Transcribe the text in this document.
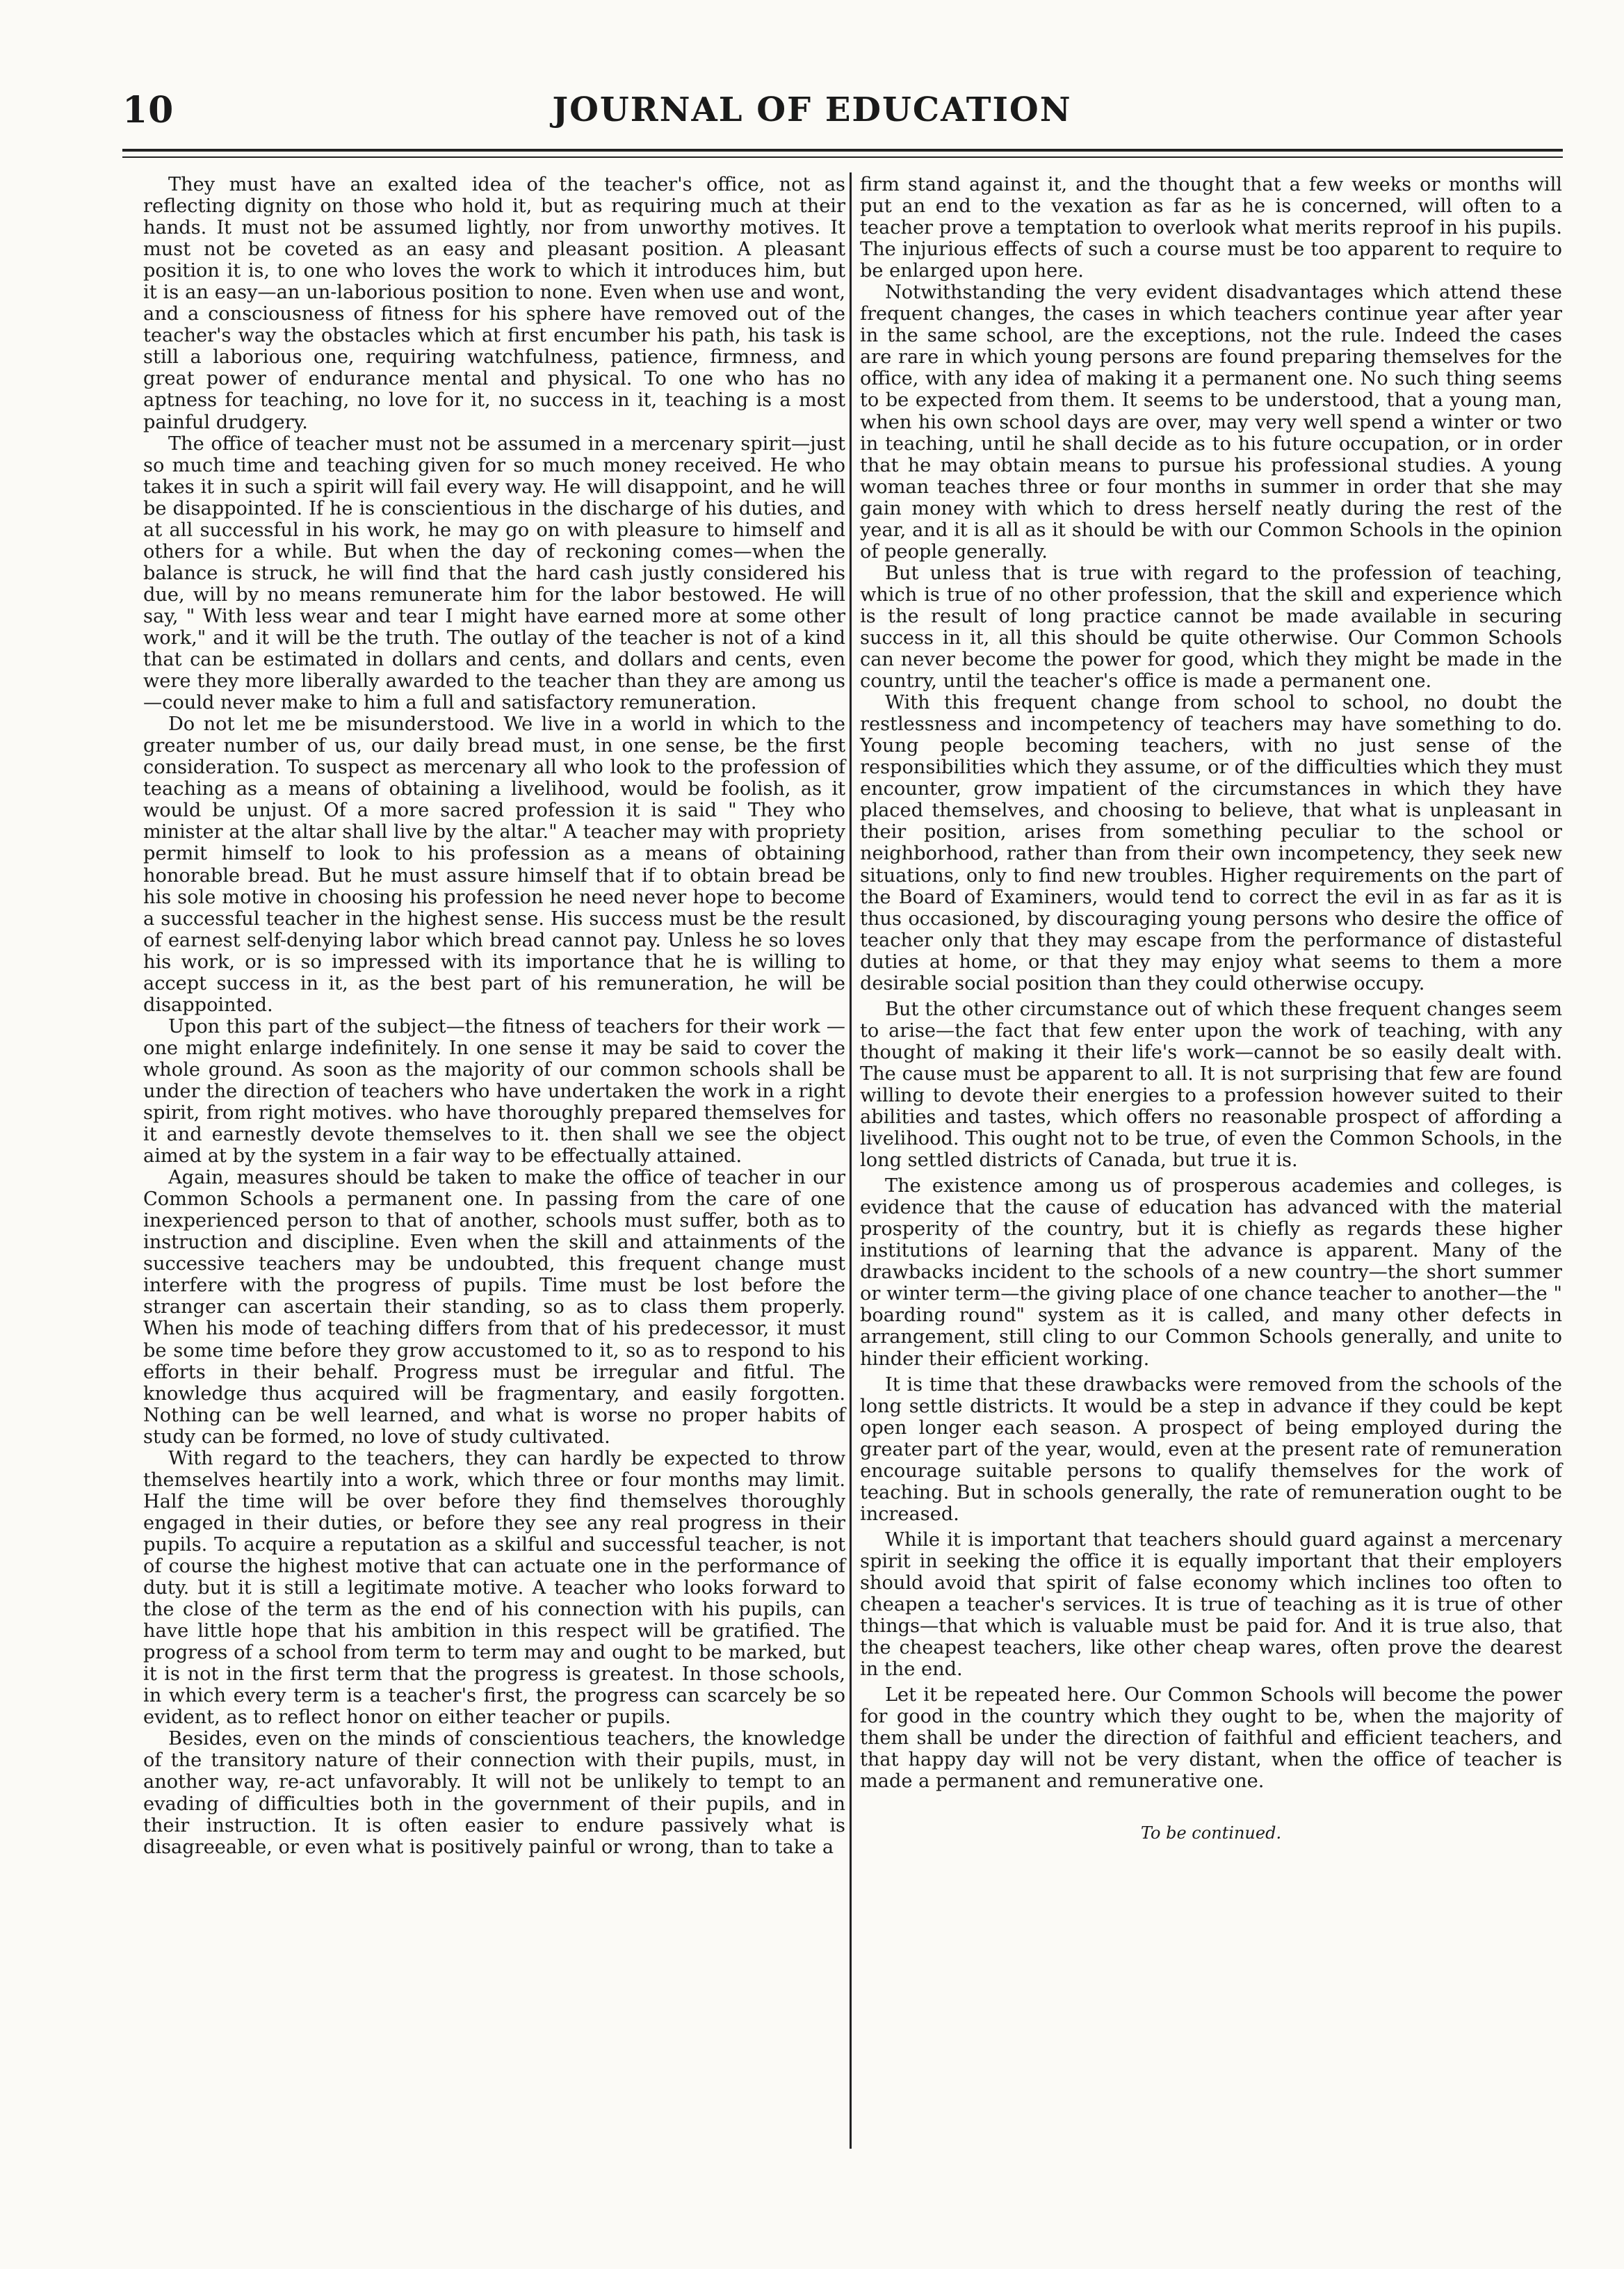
10	JOURNAL OF EDUCATION

They must have an exalted idea of the teacher's office, not as reflecting dignity on those who hold it, but as requiring much at their hands. It must not be assumed lightly, nor from unworthy motives. It must not be coveted as an easy and pleasant position. A pleasant position it is, to one who loves the work to which it introduces him, but it is an easy—an un-laborious position to none. Even when use and wont, and a consciousness of fitness for his sphere have removed out of the teacher's way the obstacles which at first encumber his path, his task is still a laborious one, requiring watchfulness, patience, firmness, and great power of endurance mental and physical. To one who has no aptness for teaching, no love for it, no success in it, teaching is a most painful drudgery.

The office of teacher must not be assumed in a mercenary spirit—just so much time and teaching given for so much money received. He who takes it in such a spirit will fail every way. He will disappoint, and he will be disappointed. If he is conscientious in the discharge of his duties, and at all successful in his work, he may go on with pleasure to himself and others for a while. But when the day of reckoning comes—when the balance is struck, he will find that the hard cash justly considered his due, will by no means remunerate him for the labor bestowed. He will say, " With less wear and tear I might have earned more at some other work," and it will be the truth. The outlay of the teacher is not of a kind that can be estimated in dollars and cents, and dollars and cents, even were they more liberally awarded to the teacher than they are among us—could never make to him a full and satisfactory remuneration.

Do not let me be misunderstood. We live in a world in which to the greater number of us, our daily bread must, in one sense, be the first consideration. To suspect as mercenary all who look to the profession of teaching as a means of obtaining a livelihood, would be foolish, as it would be unjust. Of a more sacred profession it is said " They who minister at the altar shall live by the altar." A teacher may with propriety permit himself to look to his profession as a means of obtaining honorable bread. But he must assure himself that if to obtain bread be his sole motive in choosing his profession he need never hope to become a successful teacher in the highest sense. His success must be the result of earnest self-denying labor which bread cannot pay. Unless he so loves his work, or is so impressed with its importance that he is willing to accept success in it, as the best part of his remuneration, he will be disappointed.

Upon this part of the subject—the fitness of teachers for their work —one might enlarge indefinitely. In one sense it may be said to cover the whole ground. As soon as the majority of our common schools shall be under the direction of teachers who have undertaken the work in a right spirit, from right motives. who have thoroughly prepared themselves for it and earnestly devote themselves to it. then shall we see the object aimed at by the system in a fair way to be effectually attained.

Again, measures should be taken to make the office of teacher in our Common Schools a permanent one. In passing from the care of one inexperienced person to that of another, schools must suffer, both as to instruction and discipline. Even when the skill and attainments of the successive teachers may be undoubted, this frequent change must interfere with the progress of pupils. Time must be lost before the stranger can ascertain their standing, so as to class them properly. When his mode of teaching differs from that of his predecessor, it must be some time before they grow accustomed to it, so as to respond to his efforts in their behalf. Progress must be irregular and fitful. The knowledge thus acquired will be fragmentary, and easily forgotten. Nothing can be well learned, and what is worse no proper habits of study can be formed, no love of study cultivated.

With regard to the teachers, they can hardly be expected to throw themselves heartily into a work, which three or four months may limit. Half the time will be over before they find themselves thoroughly engaged in their duties, or before they see any real progress in their pupils. To acquire a reputation as a skilful and successful teacher, is not of course the highest motive that can actuate one in the performance of duty. but it is still a legitimate motive. A teacher who looks forward to the close of the term as the end of his connection with his pupils, can have little hope that his ambition in this respect will be gratified. The progress of a school from term to term may and ought to be marked, but it is not in the first term that the progress is greatest. In those schools, in which every term is a teacher's first, the progress can scarcely be so evident, as to reflect honor on either teacher or pupils.

Besides, even on the minds of conscientious teachers, the knowledge of the transitory nature of their connection with their pupils, must, in another way, re-act unfavorably. It will not be unlikely to tempt to an evading of difficulties both in the government of their pupils, and in their instruction. It is often easier to endure passively what is disagreeable, or even what is positively painful or wrong, than to take a

firm stand against it, and the thought that a few weeks or months will put an end to the vexation as far as he is concerned, will often to a teacher prove a temptation to overlook what merits reproof in his pupils. The injurious effects of such a course must be too apparent to require to be enlarged upon here.

Notwithstanding the very evident disadvantages which attend these frequent changes, the cases in which teachers continue year after year in the same school, are the exceptions, not the rule. Indeed the cases are rare in which young persons are found preparing themselves for the office, with any idea of making it a permanent one. No such thing seems to be expected from them. It seems to be understood, that a young man, when his own school days are over, may very well spend a winter or two in teaching, until he shall decide as to his future occupation, or in order that he may obtain means to pursue his professional studies. A young woman teaches three or four months in summer in order that she may gain money with which to dress herself neatly during the rest of the year, and it is all as it should be with our Common Schools in the opinion of people generally.

But unless that is true with regard to the profession of teaching, which is true of no other profession, that the skill and experience which is the result of long practice cannot be made available in securing success in it, all this should be quite otherwise. Our Common Schools can never become the power for good, which they might be made in the country, until the teacher's office is made a permanent one.

With this frequent change from school to school, no doubt the restlessness and incompetency of teachers may have something to do. Young people becoming teachers, with no just sense of the responsibilities which they assume, or of the difficulties which they must encounter, grow impatient of the circumstances in which they have placed themselves, and choosing to believe, that what is unpleasant in their position, arises from something peculiar to the school or neighborhood, rather than from their own incompetency, they seek new situations, only to find new troubles. Higher requirements on the part of the Board of Examiners, would tend to correct the evil in as far as it is thus occasioned, by discouraging young persons who desire the office of teacher only that they may escape from the performance of distasteful duties at home, or that they may enjoy what seems to them a more desirable social position than they could otherwise occupy.

But the other circumstance out of which these frequent changes seem to arise—the fact that few enter upon the work of teaching, with any thought of making it their life's work—cannot be so easily dealt with. The cause must be apparent to all. It is not surprising that few are found willing to devote their energies to a profession however suited to their abilities and tastes, which offers no reasonable prospect of affording a livelihood. This ought not to be true, of even the Common Schools, in the long settled districts of Canada, but true it is.

The existence among us of prosperous academies and colleges, is evidence that the cause of education has advanced with the material prosperity of the country, but it is chiefly as regards these higher institutions of learning that the advance is apparent. Many of the drawbacks incident to the schools of a new country—the short summer or winter term—the giving place of one chance teacher to another—the " boarding round" system as it is called, and many other defects in arrangement, still cling to our Common Schools generally, and unite to hinder their efficient working.

It is time that these drawbacks were removed from the schools of the long settle districts. It would be a step in advance if they could be kept open longer each season. A prospect of being employed during the greater part of the year, would, even at the present rate of remuneration encourage suitable persons to qualify themselves for the work of teaching. But in schools generally, the rate of remuneration ought to be increased.

While it is important that teachers should guard against a mercenary spirit in seeking the office it is equally important that their employers should avoid that spirit of false economy which inclines too often to cheapen a teacher's services. It is true of teaching as it is true of other things—that which is valuable must be paid for. And it is true also, that the cheapest teachers, like other cheap wares, often prove the dearest in the end.

Let it be repeated here. Our Common Schools will become the power for good in the country which they ought to be, when the majority of them shall be under the direction of faithful and efficient teachers, and that happy day will not be very distant, when the office of teacher is made a permanent and remunerative one.

To be continued.
